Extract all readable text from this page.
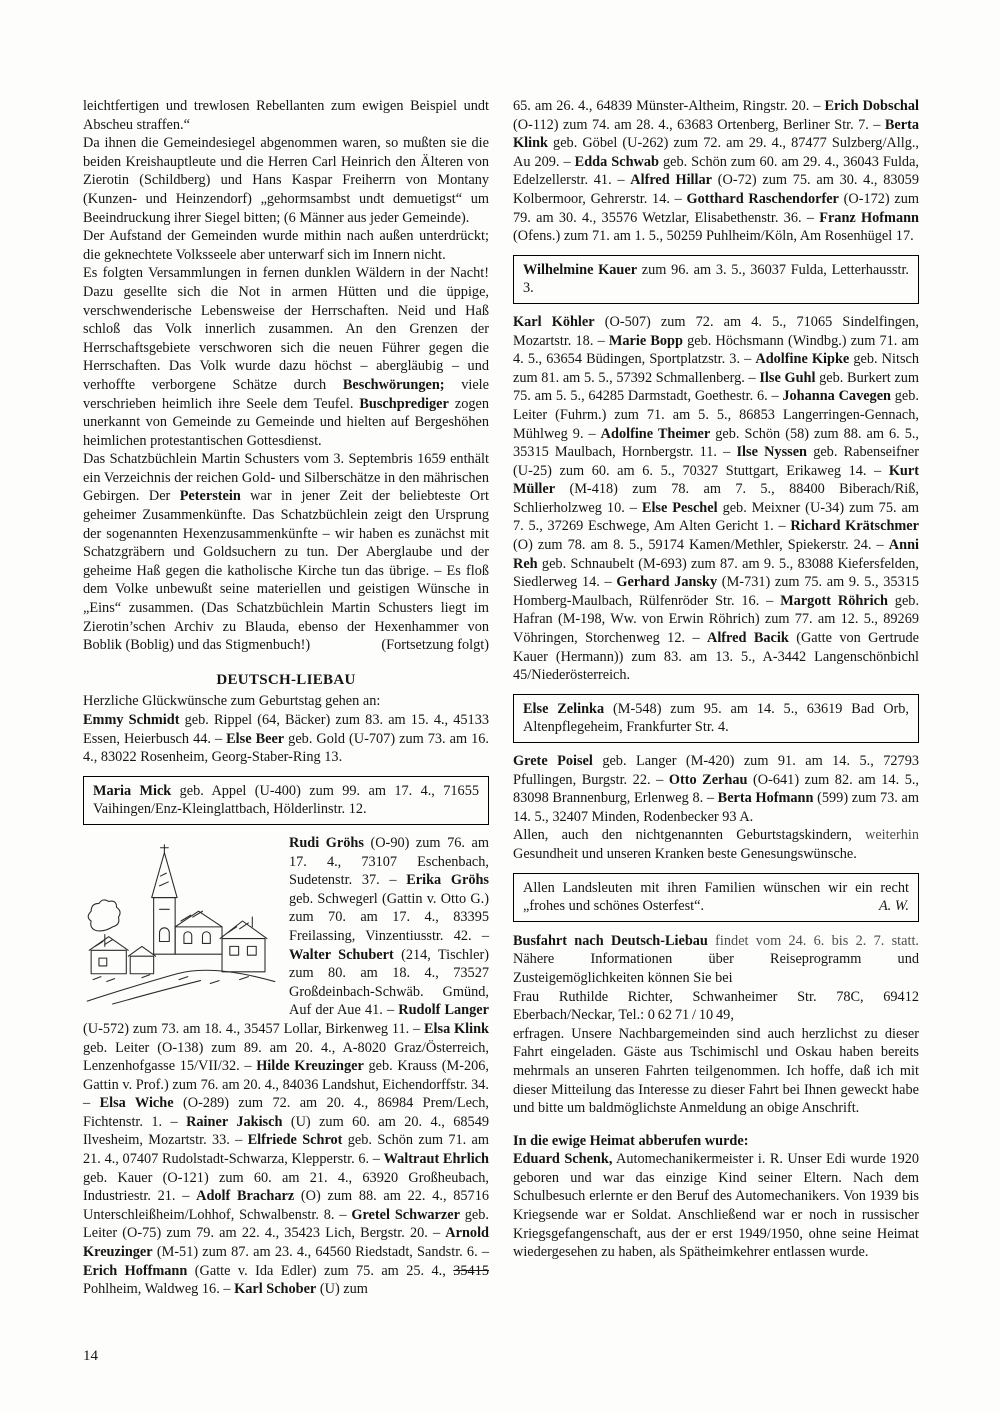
leichtfertigen und trewlosen Rebellanten zum ewigen Beispiel undt Abscheu straffen.“

Da ihnen die Gemeindesiegel abgenommen waren, so mußten sie die beiden Kreishauptleute und die Herren Carl Heinrich den Älteren von Zierotin (Schildberg) und Hans Kaspar Freiherrn von Montany (Kunzen- und Heinzendorf) „gehormsambst undt demuetigst“ um Beeindruckung ihrer Siegel bitten; (6 Männer aus jeder Gemeinde).

Der Aufstand der Gemeinden wurde mithin nach außen unterdrückt; die geknechtete Volksseele aber unterwarf sich im Innern nicht.

Es folgten Versammlungen in fernen dunklen Wäldern in der Nacht! Dazu gesellte sich die Not in armen Hütten und die üppige, verschwenderische Lebensweise der Herrschaften. Neid und Haß schloß das Volk innerlich zusammen. An den Grenzen der Herrschaftsgebiete verschworen sich die neuen Führer gegen die Herrschaften. Das Volk wurde dazu höchst – abergläubig – und verhoffte verborgene Schätze durch Beschwörungen; viele verschrieben heimlich ihre Seele dem Teufel. Buschprediger zogen unerkannt von Gemeinde zu Gemeinde und hielten auf Bergeshöhen heimlichen protestantischen Gottesdienst.

Das Schatzbüchlein Martin Schusters vom 3. Septembris 1659 enthält ein Verzeichnis der reichen Gold- und Silberschätze in den mährischen Gebirgen. Der Peterstein war in jener Zeit der beliebteste Ort geheimer Zusammenkünfte. Das Schatzbüchlein zeigt den Ursprung der sogenannten Hexenzusammenkünfte – wir haben es zunächst mit Schatzgräbern und Goldsuchern zu tun. Der Aberglaube und der geheime Haß gegen die katholische Kirche tun das übrige. – Es floß dem Volke unbewußt seine materiellen und geistigen Wünsche in „Eins“ zusammen. (Das Schatzbüchlein Martin Schusters liegt im Zierotin’schen Archiv zu Blauda, ebenso der Hexenhammer von Boblik (Boblig) und das Stigmenbuch!)	(Fortsetzung folgt)

DEUTSCH-LIEBAU

Herzliche Glückwünsche zum Geburtstag gehen an:

Emmy Schmidt geb. Rippel (64, Bäcker) zum 83. am 15. 4., 45133 Essen, Heierbusch 44. – Else Beer geb. Gold (U-707) zum 73. am 16. 4., 83022 Rosenheim, Georg-Staber-Ring 13.

Maria Mick geb. Appel (U-400) zum 99. am 17. 4., 71655 Vaihingen/Enz-Kleinglattbach, Hölderlinstr. 12.

Rudi Gröhs (O-90) zum 76. am 17. 4., 73107 Eschenbach, Sudetenstr. 37. – Erika Gröhs geb. Schwegerl (Gattin v. Otto G.) zum 70. am 17. 4., 83395 Freilassing, Vinzentiusstr. 42. – Walter Schubert (214, Tischler) zum 80. am 18. 4., 73527 Großdeinbach-Schwäb. Gmünd, Auf der Aue 41. – Rudolf Langer (U-572) zum 73. am 18. 4., 35457 Lollar, Birkenweg 11. – Elsa Klink geb. Leiter (O-138) zum 89. am 20. 4., A-8020 Graz/Österreich, Lenzenhofgasse 15/VII/32. – Hilde Kreuzinger geb. Krauss (M-206, Gattin v. Prof.) zum 76. am 20. 4., 84036 Landshut, Eichendorffstr. 34. – Elsa Wiche (O-289) zum 72. am 20. 4., 86984 Prem/Lech, Fichtenstr. 1. – Rainer Jakisch (U) zum 60. am 20. 4., 68549 Ilvesheim, Mozartstr. 33. – Elfriede Schrot geb. Schön zum 71. am 21. 4., 07407 Rudolstadt-Schwarza, Klepperstr. 6. – Waltraut Ehrlich geb. Kauer (O-121) zum 60. am 21. 4., 63920 Großheubach, Industriestr. 21. – Adolf Bracharz (O) zum 88. am 22. 4., 85716 Unterschleißheim/Lohhof, Schwalbenstr. 8. – Gretel Schwarzer geb. Leiter (O-75) zum 79. am 22. 4., 35423 Lich, Bergstr. 20. – Arnold Kreuzinger (M-51) zum 87. am 23. 4., 64560 Riedstadt, Sandstr. 6. – Erich Hoffmann (Gatte v. Ida Edler) zum 75. am 25. 4., 35415 Pohlheim, Waldweg 16. – Karl Schober (U) zum

65. am 26. 4., 64839 Münster-Altheim, Ringstr. 20. – Erich Dobschal (O-112) zum 74. am 28. 4., 63683 Ortenberg, Berliner Str. 7. – Berta Klink geb. Göbel (U-262) zum 72. am 29. 4., 87477 Sulzberg/Allg., Au 209. – Edda Schwab geb. Schön zum 60. am 29. 4., 36043 Fulda, Edelzellerstr. 41. – Alfred Hillar (O-72) zum 75. am 30. 4., 83059 Kolbermoor, Gehrerstr. 14. – Gotthard Raschendorfer (O-172) zum 79. am 30. 4., 35576 Wetzlar, Elisabethenstr. 36. – Franz Hofmann (Ofens.) zum 71. am 1. 5., 50259 Puhlheim/Köln, Am Rosenhügel 17.

Wilhelmine Kauer zum 96. am 3. 5., 36037 Fulda, Letterhausstr. 3.

Karl Köhler (O-507) zum 72. am 4. 5., 71065 Sindelfingen, Mozartstr. 18. – Marie Bopp geb. Höchsmann (Windbg.) zum 71. am 4. 5., 63654 Büdingen, Sportplatzstr. 3. – Adolfine Kipke geb. Nitsch zum 81. am 5. 5., 57392 Schmallenberg. – Ilse Guhl geb. Burkert zum 75. am 5. 5., 64285 Darmstadt, Goethestr. 6. – Johanna Cavegen geb. Leiter (Fuhrm.) zum 71. am 5. 5., 86853 Langerringen-Gennach, Mühlweg 9. – Adolfine Theimer geb. Schön (58) zum 88. am 6. 5., 35315 Maulbach, Hornbergstr. 11. – Ilse Nyssen geb. Rabenseifner (U-25) zum 60. am 6. 5., 70327 Stuttgart, Erikaweg 14. – Kurt Müller (M-418) zum 78. am 7. 5., 88400 Biberach/Riß, Schlierholzweg 10. – Else Peschel geb. Meixner (U-34) zum 75. am 7. 5., 37269 Eschwege, Am Alten Gericht 1. – Richard Krätschmer (O) zum 78. am 8. 5., 59174 Kamen/Methler, Spiekerstr. 24. – Anni Reh geb. Schnaubelt (M-693) zum 87. am 9. 5., 83088 Kiefersfelden, Siedlerweg 14. – Gerhard Jansky (M-731) zum 75. am 9. 5., 35315 Homberg-Maulbach, Rülfenröder Str. 16. – Margott Röhrich geb. Hafran (M-198, Ww. von Erwin Röhrich) zum 77. am 12. 5., 89269 Vöhringen, Storchenweg 12. – Alfred Bacik (Gatte von Gertrude Kauer (Hermann)) zum 83. am 13. 5., A-3442 Langenschönbichl 45/Niederösterreich.

Else Zelinka (M-548) zum 95. am 14. 5., 63619 Bad Orb, Altenpflegeheim, Frankfurter Str. 4.

Grete Poisel geb. Langer (M-420) zum 91. am 14. 5., 72793 Pfullingen, Burgstr. 22. – Otto Zerhau (O-641) zum 82. am 14. 5., 83098 Brannenburg, Erlenweg 8. – Berta Hofmann (599) zum 73. am 14. 5., 32407 Minden, Rodenbecker 93 A.

Allen, auch den nichtgenannten Geburtstagskindern, weiterhin Gesundheit und unseren Kranken beste Genesungswünsche.

Allen Landsleuten mit ihren Familien wünschen wir ein recht „frohes und schönes Osterfest“.	A. W.

Busfahrt nach Deutsch-Liebau findet vom 24. 6. bis 2. 7. statt. Nähere Informationen über Reiseprogramm und Zusteigemöglichkeiten können Sie bei
Frau Ruthilde Richter, Schwanheimer Str. 78C, 69412 Eberbach/Neckar, Tel.: 0 62 71 / 10 49,
erfragen. Unsere Nachbargemeinden sind auch herzlichst zu dieser Fahrt eingeladen. Gäste aus Tschimischl und Oskau haben bereits mehrmals an unseren Fahrten teilgenommen. Ich hoffe, daß ich mit dieser Mitteilung das Interesse zu dieser Fahrt bei Ihnen geweckt habe und bitte um baldmöglichste Anmeldung an obige Anschrift.

In die ewige Heimat abberufen wurde:

Eduard Schenk, Automechanikermeister i. R. Unser Edi wurde 1920 geboren und war das einzige Kind seiner Eltern. Nach dem Schulbesuch erlernte er den Beruf des Automechanikers. Von 1939 bis Kriegsende war er Soldat. Anschließend war er noch in russischer Kriegsgefangenschaft, aus der er erst 1949/1950, ohne seine Heimat wiedergesehen zu haben, als Spätheimkehrer entlassen wurde.

14
